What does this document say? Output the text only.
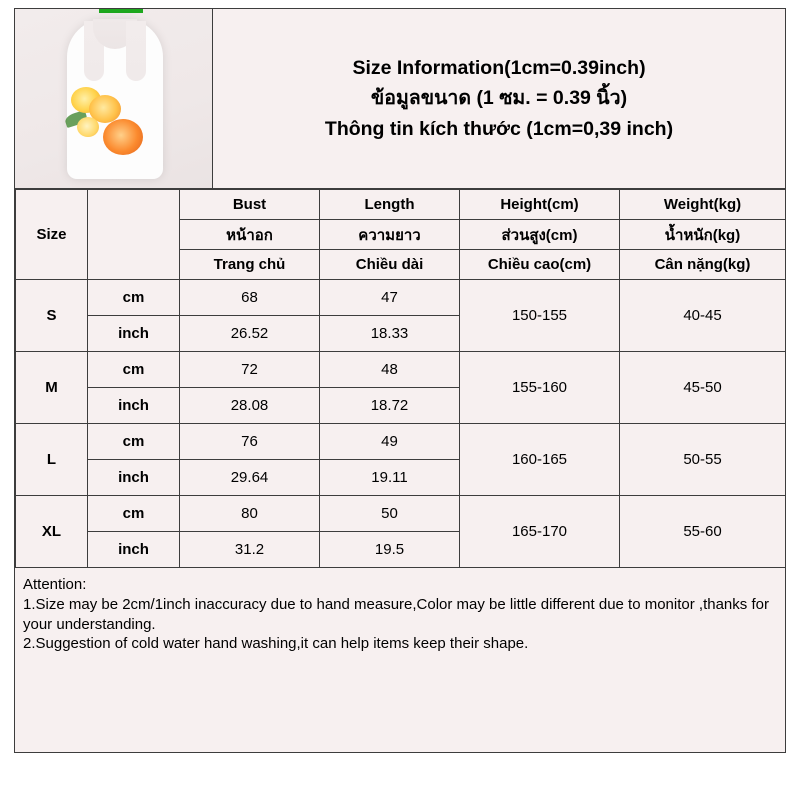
Size Information(1cm=0.39inch)
ข้อมูลขนาด (1 ซม. = 0.39 นิ้ว)
Thông tin kích thước (1cm=0,39 inch)
Size		Bust	Length	Height(cm)	Weight(kg)
		หน้าอก	ความยาว	ส่วนสูง(cm)	น้ำหนัก(kg)
		Trang chủ	Chiều dài	Chiều cao(cm)	Cân nặng(kg)
S	cm	68	47	150-155	40-45
	inch	26.52	18.33		
M	cm	72	48	155-160	45-50
	inch	28.08	18.72		
L	cm	76	49	160-165	50-55
	inch	29.64	19.11		
XL	cm	80	50	165-170	55-60
	inch	31.2	19.5		

Attention:

1.Size may be 2cm/1inch inaccuracy due to hand measure,Color may be little different due to monitor ,thanks for your understanding.

2.Suggestion of cold water hand washing,it can help items keep their shape.
